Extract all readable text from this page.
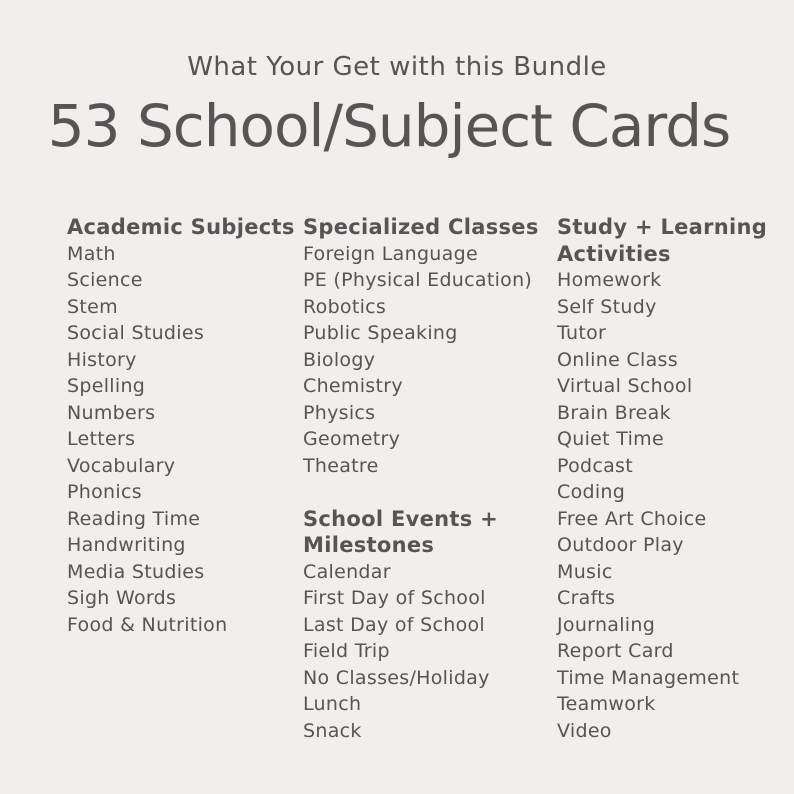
What Your Get with this Bundle
53 School/Subject Cards
Academic Subjects
Math
Science
Stem
Social Studies
History
Spelling
Numbers
Letters
Vocabulary
Phonics
Reading Time
Handwriting
Media Studies
Sigh Words
Food & Nutrition
Specialized Classes
Foreign Language
PE (Physical Education)
Robotics
Public Speaking
Biology
Chemistry
Physics
Geometry
Theatre
School Events +
Milestones
Calendar
First Day of School
Last Day of School
Field Trip
No Classes/Holiday
Lunch
Snack
Study + Learning
Activities
Homework
Self Study
Tutor
Online Class
Virtual School
Brain Break
Quiet Time
Podcast
Coding
Free Art Choice
Outdoor Play
Music
Crafts
Journaling
Report Card
Time Management
Teamwork
Video
